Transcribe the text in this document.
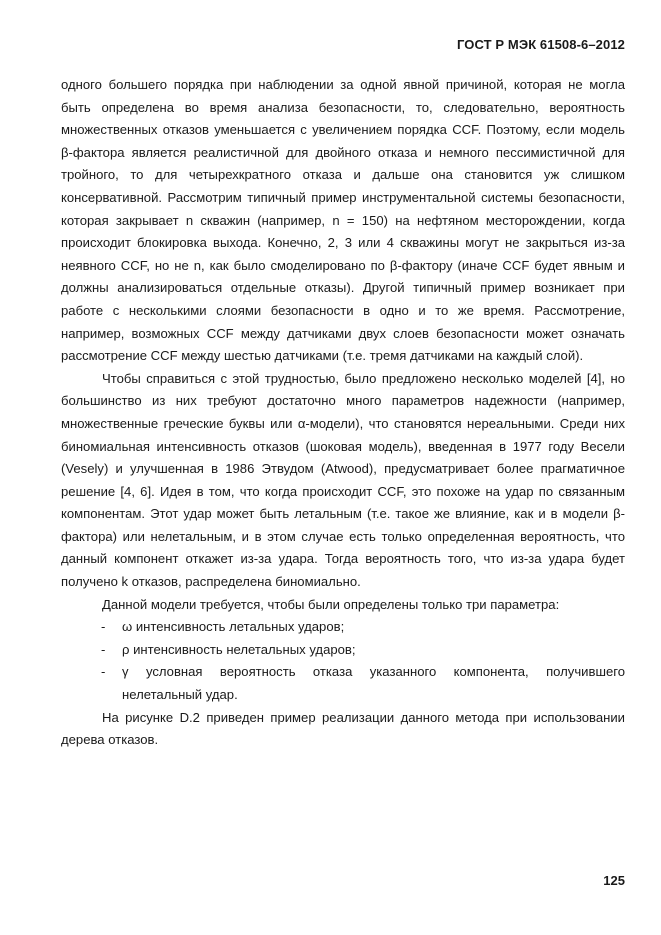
ГОСТ Р МЭК 61508-6–2012

одного большего порядка при наблюдении за одной явной причиной, которая не могла быть определена во время анализа безопасности, то, следовательно, вероятность множественных отказов уменьшается с увеличением порядка CCF. Поэтому, если модель β-фактора является реалистичной для двойного отказа и немного пессимистичной для тройного, то для четырехкратного отказа и дальше она становится уж слишком консервативной. Рассмотрим типичный пример инструментальной системы безопасности, которая закрывает n скважин (например, n = 150) на нефтяном месторождении, когда происходит блокировка выхода. Конечно, 2, 3 или 4 скважины могут не закрыться из-за неявного CCF, но не n, как было смоделировано по β-фактору (иначе CCF будет явным и должны анализироваться отдельные отказы). Другой типичный пример возникает при работе с несколькими слоями безопасности в одно и то же время. Рассмотрение, например, возможных CCF между датчиками двух слоев безопасности может означать рассмотрение CCF между шестью датчиками (т.е. тремя датчиками на каждый слой).

Чтобы справиться с этой трудностью, было предложено несколько моделей [4], но большинство из них требуют достаточно много параметров надежности (например, множественные греческие буквы или α-модели), что становятся нереальными. Среди них биномиальная интенсивность отказов (шоковая модель), введенная в 1977 году Весели (Vesely) и улучшенная в 1986 Этвудом (Atwood), предусматривает более прагматичное решение [4, 6]. Идея в том, что когда происходит CCF, это похоже на удар по связанным компонентам. Этот удар может быть летальным (т.е. такое же влияние, как и в модели β-фактора) или нелетальным, и в этом случае есть только определенная вероятность, что данный компонент откажет из-за удара. Тогда вероятность того, что из-за удара будет получено k отказов, распределена биномиально.

Данной модели требуется, чтобы были определены только три параметра:

- ω интенсивность летальных ударов;
- ρ интенсивность нелетальных ударов;
- γ условная вероятность отказа указанного компонента, получившего нелетальный удар.

На рисунке D.2 приведен пример реализации данного метода при использовании дерева отказов.

125
